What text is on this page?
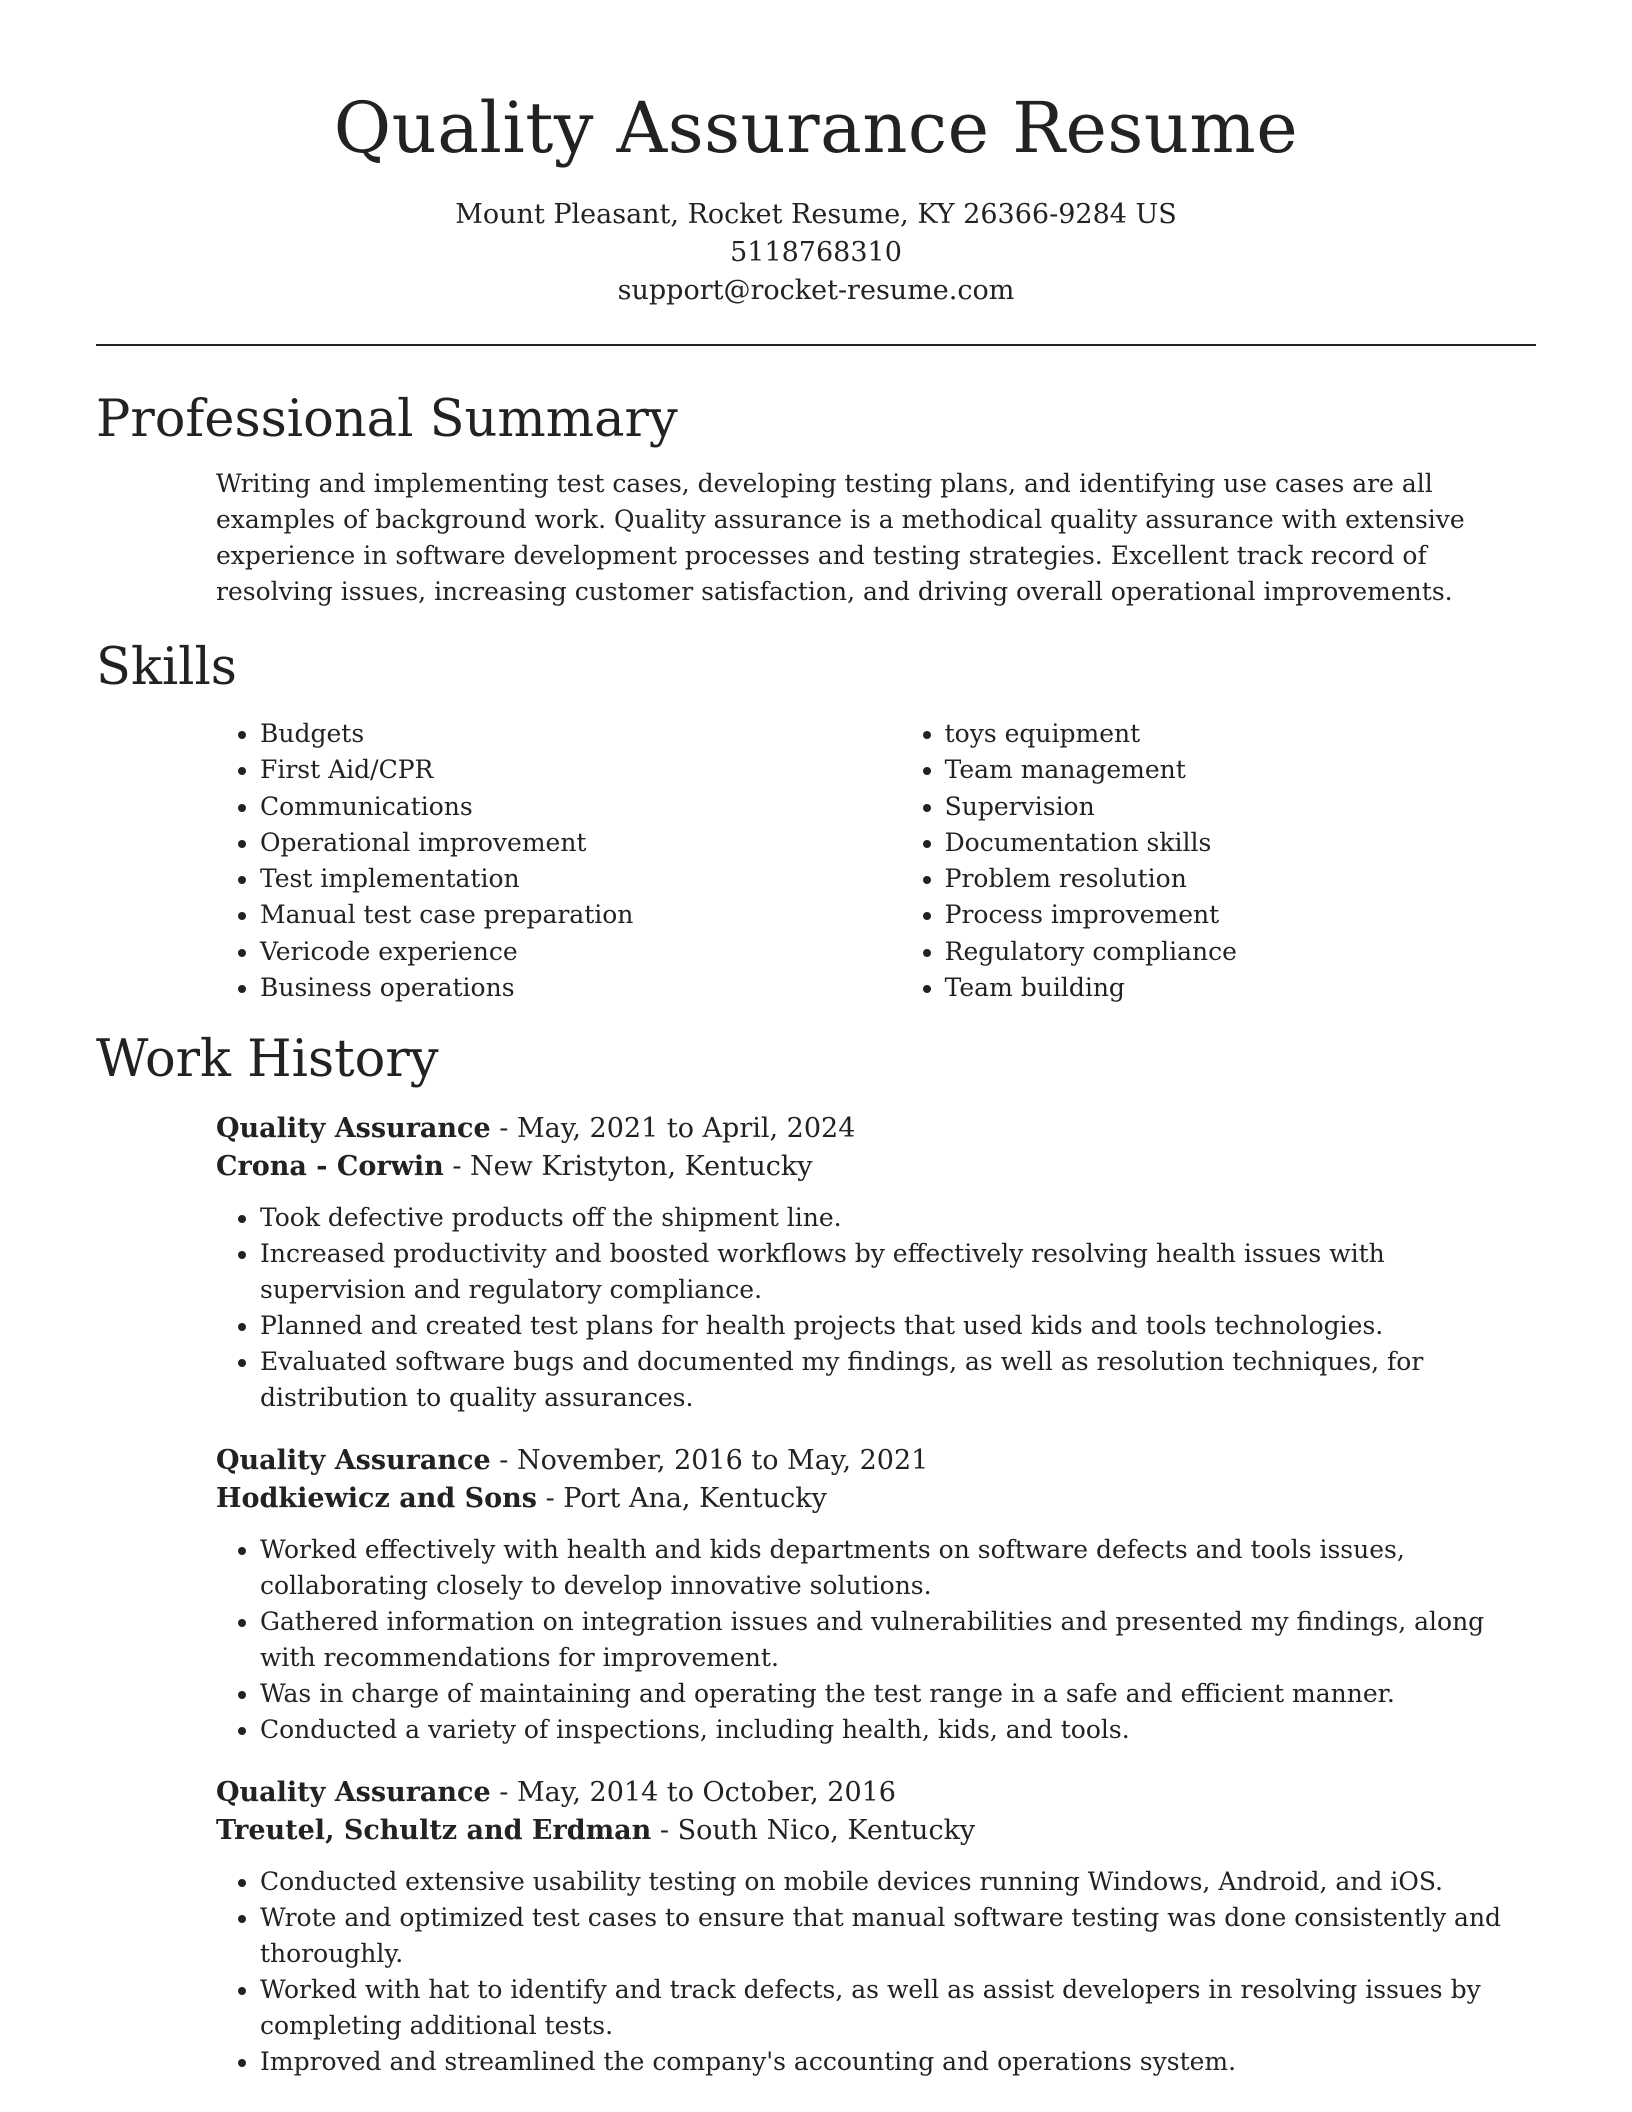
Quality Assurance Resume
Mount Pleasant, Rocket Resume, KY 26366-9284 US
5118768310
support@rocket-resume.com
Professional Summary

Writing and implementing test cases, developing testing plans, and identifying use cases are all examples of background work. Quality assurance is a methodical quality assurance with extensive experience in software development processes and testing strategies. Excellent track record of resolving issues, increasing customer satisfaction, and driving overall operational improvements.

Skills
• Budgets
• First Aid/CPR
• Communications
• Operational improvement
• Test implementation
• Manual test case preparation
• Vericode experience
• Business operations
• toys equipment
• Team management
• Supervision
• Documentation skills
• Problem resolution
• Process improvement
• Regulatory compliance
• Team building
Work History
Quality Assurance - May, 2021 to April, 2024
Crona - Corwin - New Kristyton, Kentucky
• Took defective products off the shipment line.
• Increased productivity and boosted workflows by effectively resolving health issues with supervision and regulatory compliance.
• Planned and created test plans for health projects that used kids and tools technologies.
• Evaluated software bugs and documented my findings, as well as resolution techniques, for distribution to quality assurances.
Quality Assurance - November, 2016 to May, 2021
Hodkiewicz and Sons - Port Ana, Kentucky
• Worked effectively with health and kids departments on software defects and tools issues, collaborating closely to develop innovative solutions.
• Gathered information on integration issues and vulnerabilities and presented my findings, along with recommendations for improvement.
• Was in charge of maintaining and operating the test range in a safe and efficient manner.
• Conducted a variety of inspections, including health, kids, and tools.
Quality Assurance - May, 2014 to October, 2016
Treutel, Schultz and Erdman - South Nico, Kentucky
• Conducted extensive usability testing on mobile devices running Windows, Android, and iOS.
• Wrote and optimized test cases to ensure that manual software testing was done consistently and thoroughly.
• Worked with hat to identify and track defects, as well as assist developers in resolving issues by completing additional tests.
• Improved and streamlined the company's accounting and operations system.
